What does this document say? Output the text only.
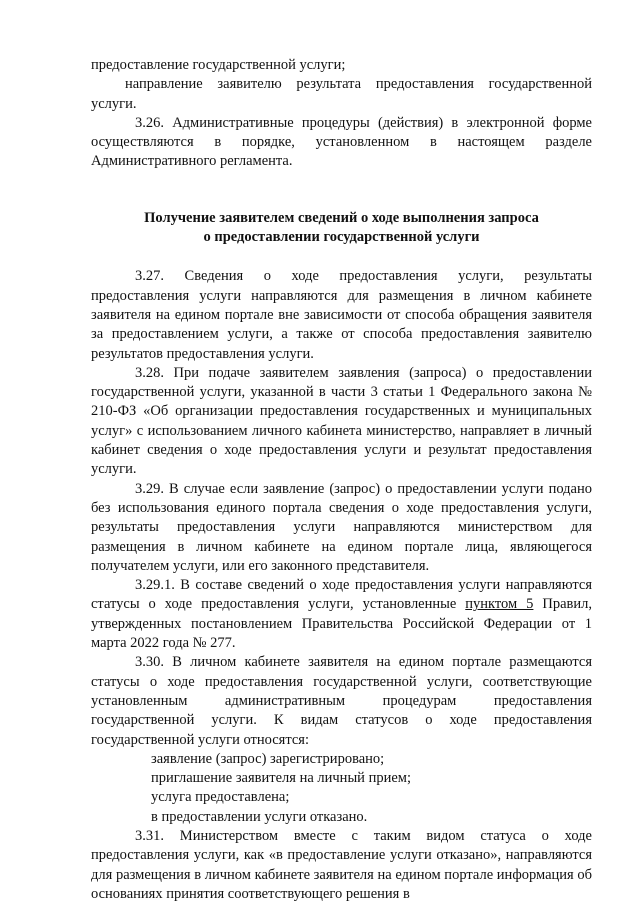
предоставление государственной услуги;

направление заявителю результата предоставления государственной услуги.

3.26. Административные процедуры (действия) в электронной форме осуществляются в порядке, установленном в настоящем разделе Административного регламента.

Получение заявителем сведений о ходе выполнения запроса
о предоставлении государственной услуги

3.27. Сведения о ходе предоставления услуги, результаты предоставления услуги направляются для размещения в личном кабинете заявителя на едином портале вне зависимости от способа обращения заявителя за предоставлением услуги, а также от способа предоставления заявителю результатов предоставления услуги.

3.28. При подаче заявителем заявления (запроса) о предоставлении государственной услуги, указанной в части 3 статьи 1 Федерального закона № 210-ФЗ «Об организации предоставления государственных и муниципальных услуг» с использованием личного кабинета министерство, направляет в личный кабинет сведения о ходе предоставления услуги и результат предоставления услуги.

3.29. В случае если заявление (запрос) о предоставлении услуги подано без использования единого портала сведения о ходе предоставления услуги, результаты предоставления услуги направляются министерством для размещения в личном кабинете на едином портале лица, являющегося получателем услуги, или его законного представителя.

3.29.1. В составе сведений о ходе предоставления услуги направляются статусы о ходе предоставления услуги, установленные пунктом 5 Правил, утвержденных постановлением Правительства Российской Федерации от 1 марта 2022 года № 277.

3.30. В личном кабинете заявителя на едином портале размещаются статусы о ходе предоставления государственной услуги, соответствующие установленным административным процедурам предоставления государственной услуги. К видам статусов о ходе предоставления государственной услуги относятся:

заявление (запрос) зарегистрировано;

приглашение заявителя на личный прием;

услуга предоставлена;

в предоставлении услуги отказано.

3.31. Министерством вместе с таким видом статуса о ходе предоставления услуги, как «в предоставление услуги отказано», направляются для размещения в личном кабинете заявителя на едином портале информация об основаниях принятия соответствующего решения в
